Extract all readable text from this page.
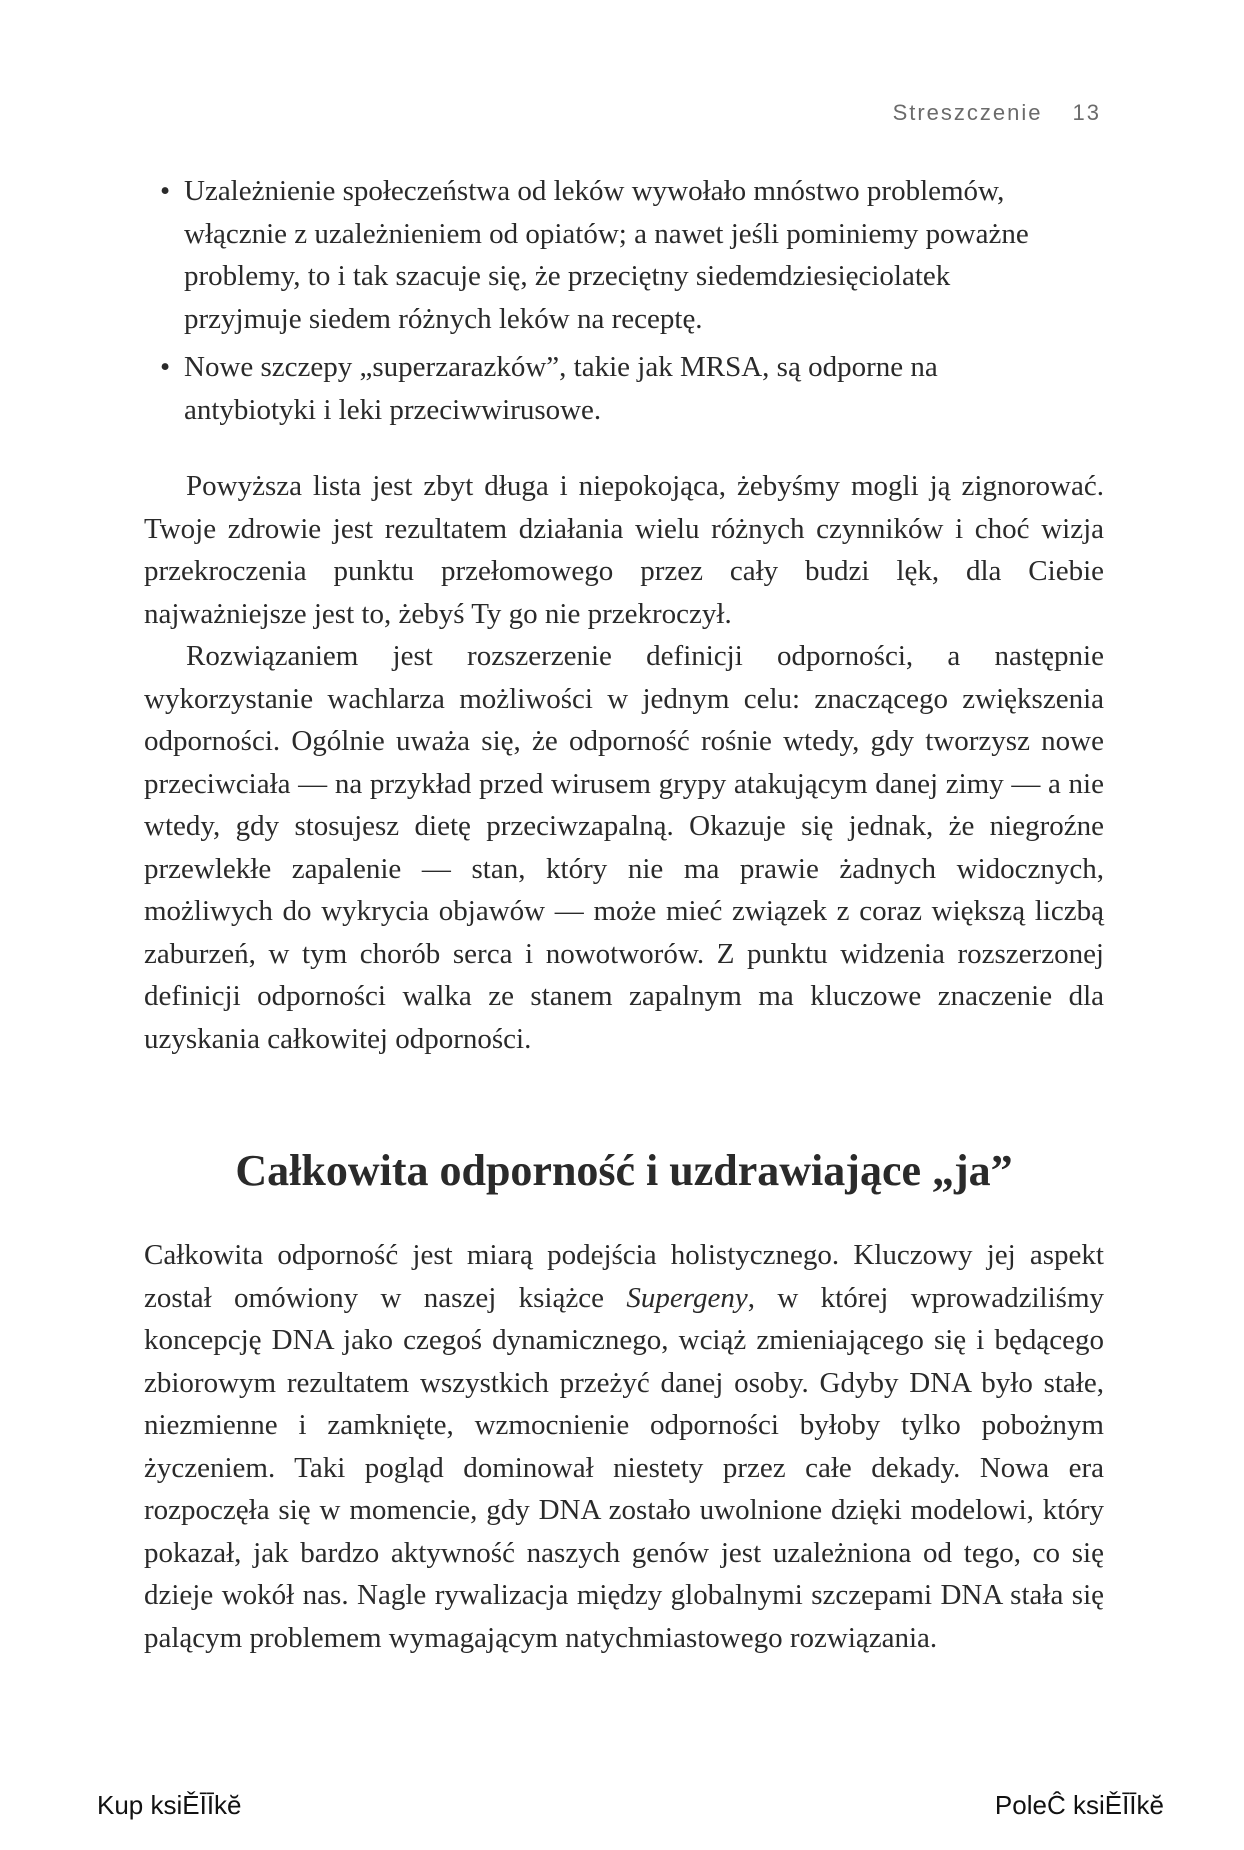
Streszczenie 13
• Uzależnienie społeczeństwa od leków wywołało mnóstwo problemów, włącznie z uzależnieniem od opiatów; a nawet jeśli pominiemy poważne problemy, to i tak szacuje się, że przeciętny siedemdziesięciolatek przyjmuje siedem różnych leków na receptę.
• Nowe szczepy „superzarazków”, takie jak MRSA, są odporne na antybiotyki i leki przeciwwirusowe.

Powyższa lista jest zbyt długa i niepokojąca, żebyśmy mogli ją zignorować. Twoje zdrowie jest rezultatem działania wielu różnych czynników i choć wizja przekroczenia punktu przełomowego przez cały budzi lęk, dla Ciebie najważniejsze jest to, żebyś Ty go nie przekroczył.

Rozwiązaniem jest rozszerzenie definicji odporności, a następnie wykorzystanie wachlarza możliwości w jednym celu: znaczącego zwiększenia odporności. Ogólnie uważa się, że odporność rośnie wtedy, gdy tworzysz nowe przeciwciała — na przykład przed wirusem grypy atakującym danej zimy — a nie wtedy, gdy stosujesz dietę przeciwzapalną. Okazuje się jednak, że niegroźne przewlekłe zapalenie — stan, który nie ma prawie żadnych widocznych, możliwych do wykrycia objawów — może mieć związek z coraz większą liczbą zaburzeń, w tym chorób serca i nowotworów. Z punktu widzenia rozszerzonej definicji odporności walka ze stanem zapalnym ma kluczowe znaczenie dla uzyskania całkowitej odporności.

Całkowita odporność i uzdrawiające „ja”

Całkowita odporność jest miarą podejścia holistycznego. Kluczowy jej aspekt został omówiony w naszej książce Supergeny, w której wprowadziliśmy koncepcję DNA jako czegoś dynamicznego, wciąż zmieniającego się i będącego zbiorowym rezultatem wszystkich przeżyć danej osoby. Gdyby DNA było stałe, niezmienne i zamknięte, wzmocnienie odporności byłoby tylko pobożnym życzeniem. Taki pogląd dominował niestety przez całe dekady. Nowa era rozpoczęła się w momencie, gdy DNA zostało uwolnione dzięki modelowi, który pokazał, jak bardzo aktywność naszych genów jest uzależniona od tego, co się dzieje wokół nas. Nagle rywalizacja między globalnymi szczepami DNA stała się palącym problemem wymagającym natychmiastowego rozwiązania.

Kup ksiĚĪĪkĕ	PoleĈ ksiĚĪĪkĕ
